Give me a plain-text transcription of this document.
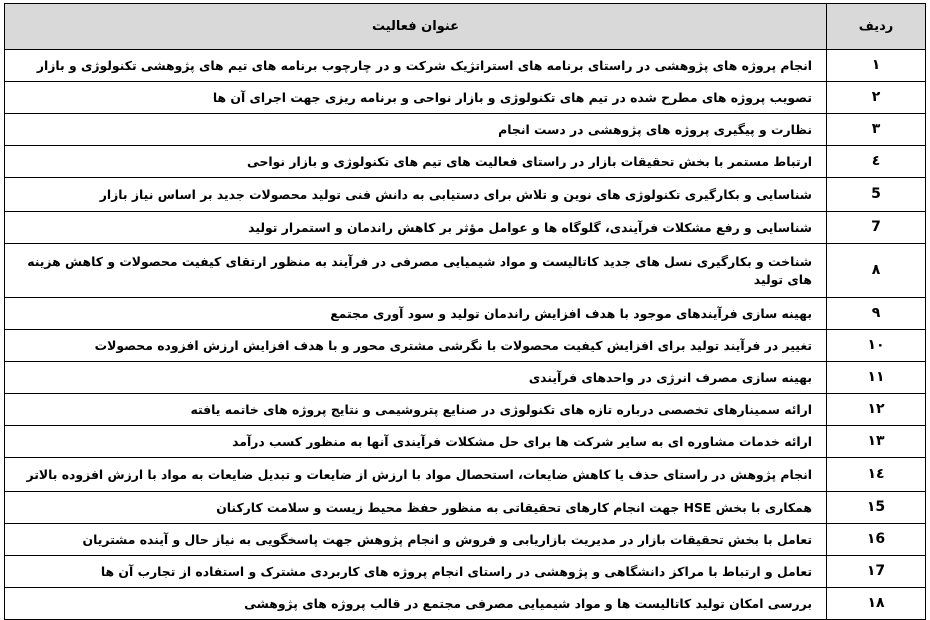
ردیف	عنوان فعالیت
۱	انجام پروژه های پژوهشی در راستای برنامه های استراتژیک شرکت و در چارچوب برنامه های تیم های پژوهشی تکنولوژی و بازار
۲	تصویب پروژه های مطرح شده در تیم های تکنولوژی و بازار نواحی و برنامه ریزی جهت اجرای آن ها
۳	نظارت و پیگیری پروژه های پژوهشی در دست انجام
٤	ارتباط مستمر با بخش تحقیقات بازار در راستای فعالیت های تیم های تکنولوژی و بازار نواحی
5	شناسایی و بکارگیری تکنولوژی های نوین و تلاش برای دستیابی به دانش فنی تولید محصولات جدید بر اساس نیاز بازار
7	شناسایی و رفع مشکلات فرآیندی، گلوگاه ها و عوامل مؤثر بر کاهش راندمان و استمرار تولید
۸	شناخت و بکارگیری نسل های جدید کاتالیست و مواد شیمیایی مصرفی در فرآیند به منظور ارتقای کیفیت محصولات و کاهش هزینه های تولید
۹	بهینه سازی فرآیندهای موجود با هدف افزایش راندمان تولید و سود آوری مجتمع
۱۰	تغییر در فرآیند تولید برای افزایش کیفیت محصولات با نگرشی مشتری محور و با هدف افزایش ارزش افزوده محصولات
۱۱	بهینه سازی مصرف انرژی در واحدهای فرآیندی
۱۲	ارائه سمینارهای تخصصی درباره تازه های تکنولوژی در صنایع پتروشیمی و نتایج پروژه های خاتمه یافته
۱۳	ارائه خدمات مشاوره ای به سایر شرکت ها برای حل مشکلات فرآیندی آنها به منظور کسب درآمد
۱٤	انجام پژوهش در راستای حذف یا کاهش ضایعات، استحصال مواد با ارزش از ضایعات و تبدیل ضایعات به مواد با ارزش افزوده بالاتر
۱5	همکاری با بخش HSE جهت انجام کارهای تحقیقاتی به منظور حفظ محیط زیست و سلامت کارکنان
۱6	تعامل با بخش تحقیقات بازار در مدیریت بازاریابی و فروش و انجام پژوهش جهت پاسخگویی به نیاز حال و آینده مشتریان
۱7	تعامل و ارتباط با مراکز دانشگاهی و پژوهشی در راستای انجام پروژه های کاربردی مشترک و استفاده از تجارب آن ها
۱۸	بررسی امکان تولید کاتالیست ها و مواد شیمیایی مصرفی مجتمع در قالب پروژه های پژوهشی
